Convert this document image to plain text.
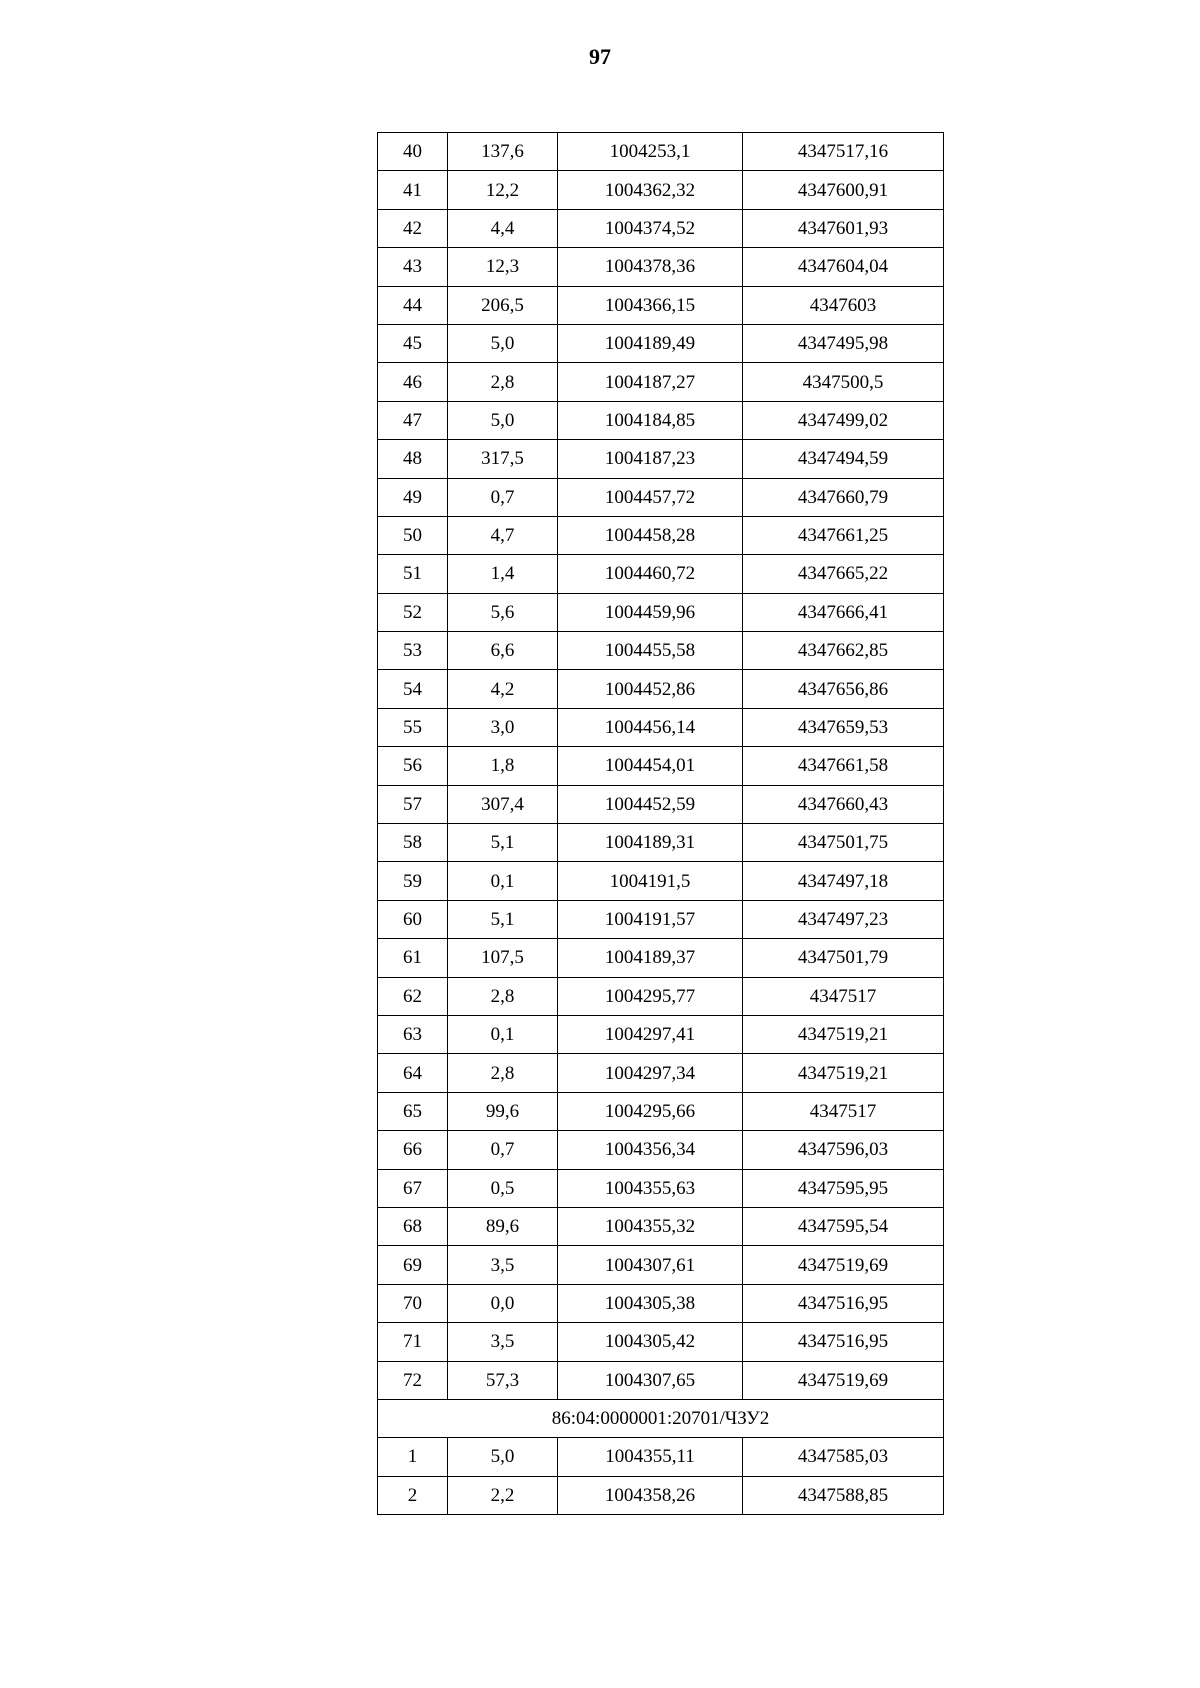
97
40	137,6	1004253,1	4347517,16
41	12,2	1004362,32	4347600,91
42	4,4	1004374,52	4347601,93
43	12,3	1004378,36	4347604,04
44	206,5	1004366,15	4347603
45	5,0	1004189,49	4347495,98
46	2,8	1004187,27	4347500,5
47	5,0	1004184,85	4347499,02
48	317,5	1004187,23	4347494,59
49	0,7	1004457,72	4347660,79
50	4,7	1004458,28	4347661,25
51	1,4	1004460,72	4347665,22
52	5,6	1004459,96	4347666,41
53	6,6	1004455,58	4347662,85
54	4,2	1004452,86	4347656,86
55	3,0	1004456,14	4347659,53
56	1,8	1004454,01	4347661,58
57	307,4	1004452,59	4347660,43
58	5,1	1004189,31	4347501,75
59	0,1	1004191,5	4347497,18
60	5,1	1004191,57	4347497,23
61	107,5	1004189,37	4347501,79
62	2,8	1004295,77	4347517
63	0,1	1004297,41	4347519,21
64	2,8	1004297,34	4347519,21
65	99,6	1004295,66	4347517
66	0,7	1004356,34	4347596,03
67	0,5	1004355,63	4347595,95
68	89,6	1004355,32	4347595,54
69	3,5	1004307,61	4347519,69
70	0,0	1004305,38	4347516,95
71	3,5	1004305,42	4347516,95
72	57,3	1004307,65	4347519,69
86:04:0000001:20701/ЧЗУ2			
1	5,0	1004355,11	4347585,03
2	2,2	1004358,26	4347588,85
